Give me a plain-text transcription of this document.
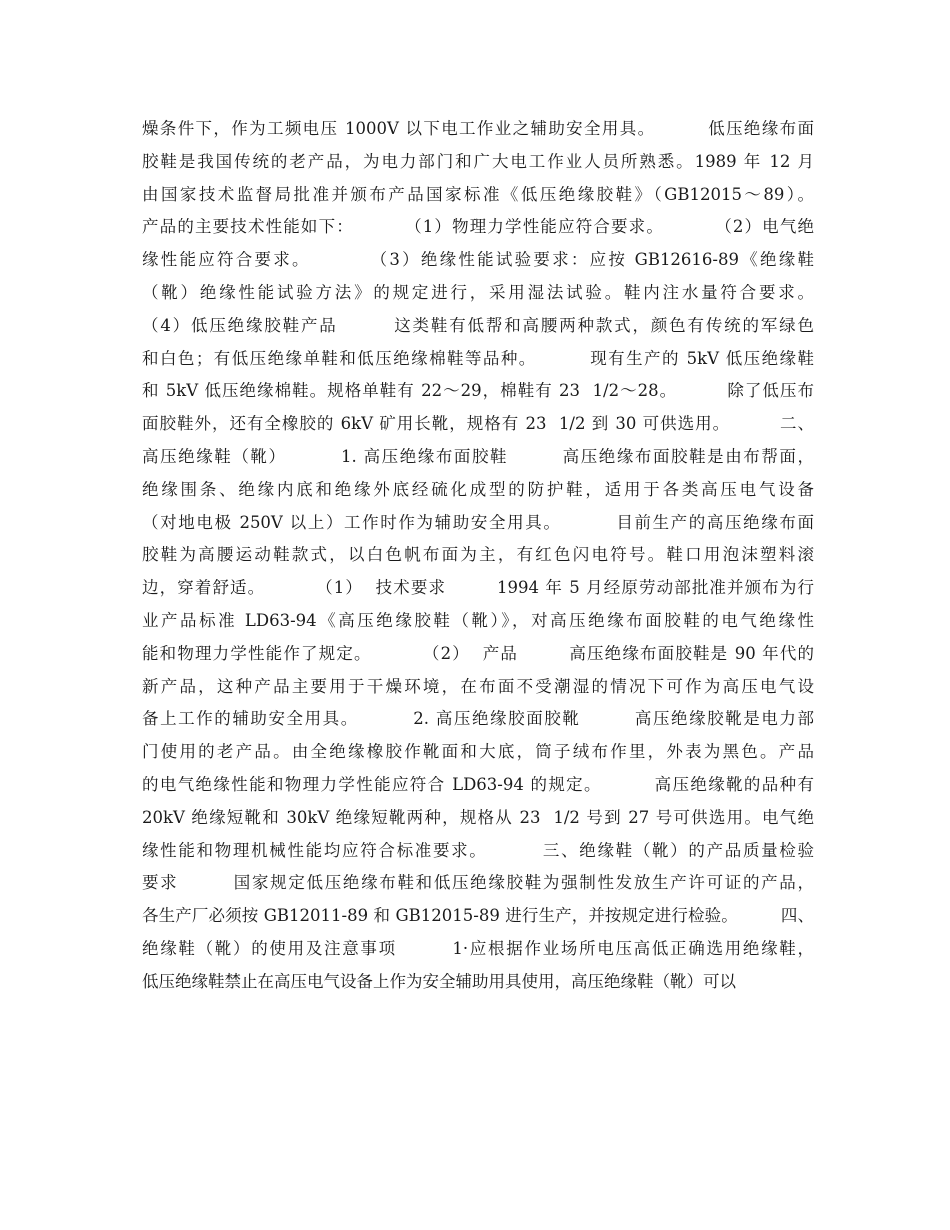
燥条件下，作为工频电压 1000V 以下电工作业之辅助安全用具。        低压绝缘布面
胶鞋是我国传统的老产品，为电力部门和广大电工作业人员所熟悉。1989 年 12 月
由国家技术监督局批准并颁布产品国家标准《低压绝缘胶鞋》（GB12015～89）。
产品的主要技术性能如下：        （1）物理力学性能应符合要求。        （2）电气绝
缘性能应符合要求。        （3）绝缘性能试验要求：应按 GB12616-89《绝缘鞋
（靴）绝缘性能试验方法》的规定进行，采用湿法试验。鞋内注水量符合要求。
（4）低压绝缘胶鞋产品        这类鞋有低帮和高腰两种款式，颜色有传统的军绿色
和白色；有低压绝缘单鞋和低压绝缘棉鞋等品种。        现有生产的 5kV 低压绝缘鞋
和 5kV 低压绝缘棉鞋。规格单鞋有 22～29，棉鞋有 23  1/2～28。        除了低压布
面胶鞋外，还有全橡胶的 6kV 矿用长靴，规格有 23  1/2 到 30 可供选用。        二、
高压绝缘鞋（靴）        1. 高压绝缘布面胶鞋        高压绝缘布面胶鞋是由布帮面，
绝缘围条、绝缘内底和绝缘外底经硫化成型的防护鞋，适用于各类高压电气设备
（对地电极 250V 以上）工作时作为辅助安全用具。        目前生产的高压绝缘布面
胶鞋为高腰运动鞋款式，以白色帆布面为主，有红色闪电符号。鞋口用泡沫塑料滚
边，穿着舒适。        （1）  技术要求        1994 年 5 月经原劳动部批准并颁布为行
业产品标准 LD63-94《高压绝缘胶鞋（靴）》，对高压绝缘布面胶鞋的电气绝缘性
能和物理力学性能作了规定。        （2）  产品        高压绝缘布面胶鞋是 90 年代的
新产品，这种产品主要用于干燥环境，在布面不受潮湿的情况下可作为高压电气设
备上工作的辅助安全用具。        2. 高压绝缘胶面胶靴        高压绝缘胶靴是电力部
门使用的老产品。由全绝缘橡胶作靴面和大底，筒子绒布作里，外表为黑色。产品
的电气绝缘性能和物理力学性能应符合 LD63-94 的规定。        高压绝缘靴的品种有
20kV 绝缘短靴和 30kV 绝缘短靴两种，规格从 23  1/2 号到 27 号可供选用。电气绝
缘性能和物理机械性能均应符合标准要求。        三、绝缘鞋（靴）的产品质量检验
要求        国家规定低压绝缘布鞋和低压绝缘胶鞋为强制性发放生产许可证的产品，
各生产厂必须按 GB12011-89 和 GB12015-89 进行生产，并按规定进行检验。        四、
绝缘鞋（靴）的使用及注意事项        1·应根据作业场所电压高低正确选用绝缘鞋，
低压绝缘鞋禁止在高压电气设备上作为安全辅助用具使用，高压绝缘鞋（靴）可以
